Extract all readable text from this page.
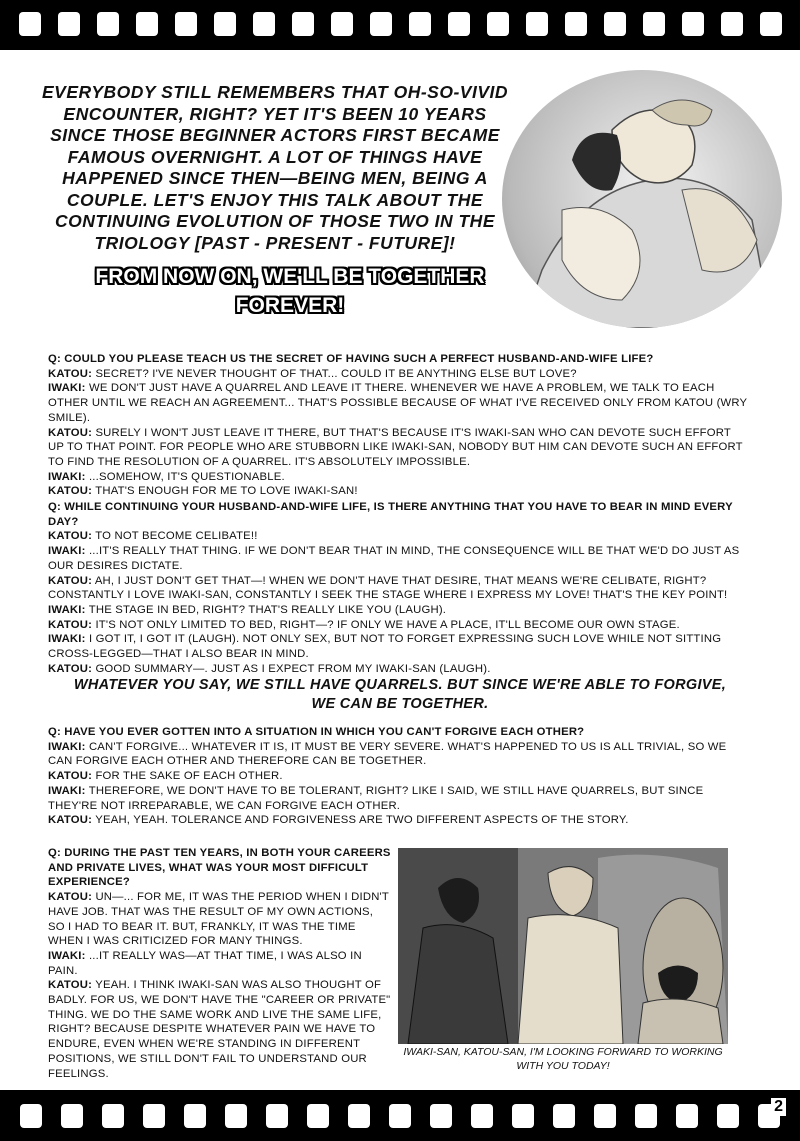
EVERYBODY STILL REMEMBERS THAT OH-SO-VIVID ENCOUNTER, RIGHT? YET IT'S BEEN 10 YEARS SINCE THOSE BEGINNER ACTORS FIRST BECAME FAMOUS OVERNIGHT. A LOT OF THINGS HAVE HAPPENED SINCE THEN—BEING MEN, BEING A COUPLE. LET'S ENJOY THIS TALK ABOUT THE CONTINUING EVOLUTION OF THOSE TWO IN THE TRIOLOGY [PAST - PRESENT - FUTURE]!
FROM NOW ON, WE'LL BE TOGETHER FOREVER!

Q: COULD YOU PLEASE TEACH US THE SECRET OF HAVING SUCH A PERFECT HUSBAND-AND-WIFE LIFE?

KATOU: SECRET? I'VE NEVER THOUGHT OF THAT... COULD IT BE ANYTHING ELSE BUT LOVE?

IWAKI: WE DON'T JUST HAVE A QUARREL AND LEAVE IT THERE. WHENEVER WE HAVE A PROBLEM, WE TALK TO EACH OTHER UNTIL WE REACH AN AGREEMENT... THAT'S POSSIBLE BECAUSE OF WHAT I'VE RECEIVED ONLY FROM KATOU (WRY SMILE).

KATOU: SURELY I WON'T JUST LEAVE IT THERE, BUT THAT'S BECAUSE IT'S IWAKI-SAN WHO CAN DEVOTE SUCH EFFORT UP TO THAT POINT. FOR PEOPLE WHO ARE STUBBORN LIKE IWAKI-SAN, NOBODY BUT HIM CAN DEVOTE SUCH AN EFFORT TO FIND THE RESOLUTION OF A QUARREL. IT'S ABSOLUTELY IMPOSSIBLE.

IWAKI: ...SOMEHOW, IT'S QUESTIONABLE.

KATOU: THAT'S ENOUGH FOR ME TO LOVE IWAKI-SAN!

Q: WHILE CONTINUING YOUR HUSBAND-AND-WIFE LIFE, IS THERE ANYTHING THAT YOU HAVE TO BEAR IN MIND EVERY DAY?

KATOU: TO NOT BECOME CELIBATE!!

IWAKI: ...IT'S REALLY THAT THING. IF WE DON'T BEAR THAT IN MIND, THE CONSEQUENCE WILL BE THAT WE'D DO JUST AS OUR DESIRES DICTATE.

KATOU: AH, I JUST DON'T GET THAT—! WHEN WE DON'T HAVE THAT DESIRE, THAT MEANS WE'RE CELIBATE, RIGHT? CONSTANTLY I LOVE IWAKI-SAN, CONSTANTLY I SEEK THE STAGE WHERE I EXPRESS MY LOVE! THAT'S THE KEY POINT!

IWAKI: THE STAGE IN BED, RIGHT? THAT'S REALLY LIKE YOU (LAUGH).

KATOU: IT'S NOT ONLY LIMITED TO BED, RIGHT—? IF ONLY WE HAVE A PLACE, IT'LL BECOME OUR OWN STAGE.

IWAKI: I GOT IT, I GOT IT (LAUGH). NOT ONLY SEX, BUT NOT TO FORGET EXPRESSING SUCH LOVE WHILE NOT SITTING CROSS-LEGGED—THAT I ALSO BEAR IN MIND.

KATOU: GOOD SUMMARY—. JUST AS I EXPECT FROM MY IWAKI-SAN (LAUGH).

WHATEVER YOU SAY, WE STILL HAVE QUARRELS. BUT SINCE WE'RE ABLE TO FORGIVE, WE CAN BE TOGETHER.

Q: HAVE YOU EVER GOTTEN INTO A SITUATION IN WHICH YOU CAN'T FORGIVE EACH OTHER?

IWAKI: CAN'T FORGIVE... WHATEVER IT IS, IT MUST BE VERY SEVERE. WHAT'S HAPPENED TO US IS ALL TRIVIAL, SO WE CAN FORGIVE EACH OTHER AND THEREFORE CAN BE TOGETHER.

KATOU: FOR THE SAKE OF EACH OTHER.

IWAKI: THEREFORE, WE DON'T HAVE TO BE TOLERANT, RIGHT? LIKE I SAID, WE STILL HAVE QUARRELS, BUT SINCE THEY'RE NOT IRREPARABLE, WE CAN FORGIVE EACH OTHER.

KATOU: YEAH, YEAH. TOLERANCE AND FORGIVENESS ARE TWO DIFFERENT ASPECTS OF THE STORY.

Q: DURING THE PAST TEN YEARS, IN BOTH YOUR CAREERS AND PRIVATE LIVES, WHAT WAS YOUR MOST DIFFICULT EXPERIENCE?

KATOU: UN—... FOR ME, IT WAS THE PERIOD WHEN I DIDN'T HAVE JOB. THAT WAS THE RESULT OF MY OWN ACTIONS, SO I HAD TO BEAR IT. BUT, FRANKLY, IT WAS THE TIME WHEN I WAS CRITICIZED FOR MANY THINGS.

IWAKI: ...IT REALLY WAS—AT THAT TIME, I WAS ALSO IN PAIN.

KATOU: YEAH. I THINK IWAKI-SAN WAS ALSO THOUGHT OF BADLY. FOR US, WE DON'T HAVE THE "CAREER OR PRIVATE" THING. WE DO THE SAME WORK AND LIVE THE SAME LIFE, RIGHT? BECAUSE DESPITE WHATEVER PAIN WE HAVE TO ENDURE, EVEN WHEN WE'RE STANDING IN DIFFERENT POSITIONS, WE STILL DON'T FAIL TO UNDERSTAND OUR FEELINGS.

IWAKI-SAN, KATOU-SAN, I'M LOOKING FORWARD TO WORKING WITH YOU TODAY!
2
